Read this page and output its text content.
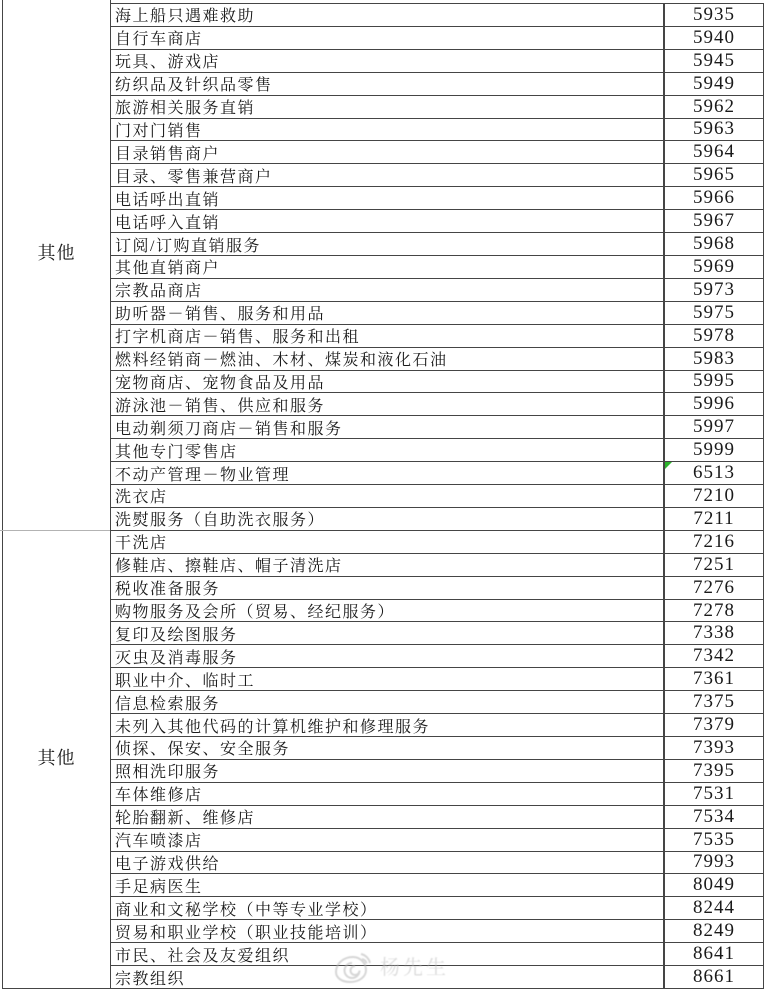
其他
其他
海上船只遇难救助	5935
自行车商店	5940
玩具、游戏店	5945
纺织品及针织品零售	5949
旅游相关服务直销	5962
门对门销售	5963
目录销售商户	5964
目录、零售兼营商户	5965
电话呼出直销	5966
电话呼入直销	5967
订阅/订购直销服务	5968
其他直销商户	5969
宗教品商店	5973
助听器－销售、服务和用品	5975
打字机商店－销售、服务和出租	5978
燃料经销商－燃油、木材、煤炭和液化石油	5983
宠物商店、宠物食品及用品	5995
游泳池－销售、供应和服务	5996
电动剃须刀商店－销售和服务	5997
其他专门零售店	5999
不动产管理－物业管理	6513
洗衣店	7210
洗熨服务（自助洗衣服务）	7211
干洗店	7216
修鞋店、擦鞋店、帽子清洗店	7251
税收准备服务	7276
购物服务及会所（贸易、经纪服务）	7278
复印及绘图服务	7338
灭虫及消毒服务	7342
职业中介、临时工	7361
信息检索服务	7375
未列入其他代码的计算机维护和修理服务	7379
侦探、保安、安全服务	7393
照相洗印服务	7395
车体维修店	7531
轮胎翻新、维修店	7534
汽车喷漆店	7535
电子游戏供给	7993
手足病医生	8049
商业和文秘学校（中等专业学校）	8244
贸易和职业学校（职业技能培训）	8249
市民、社会及友爱组织	8641
宗教组织	8661
杨先生
